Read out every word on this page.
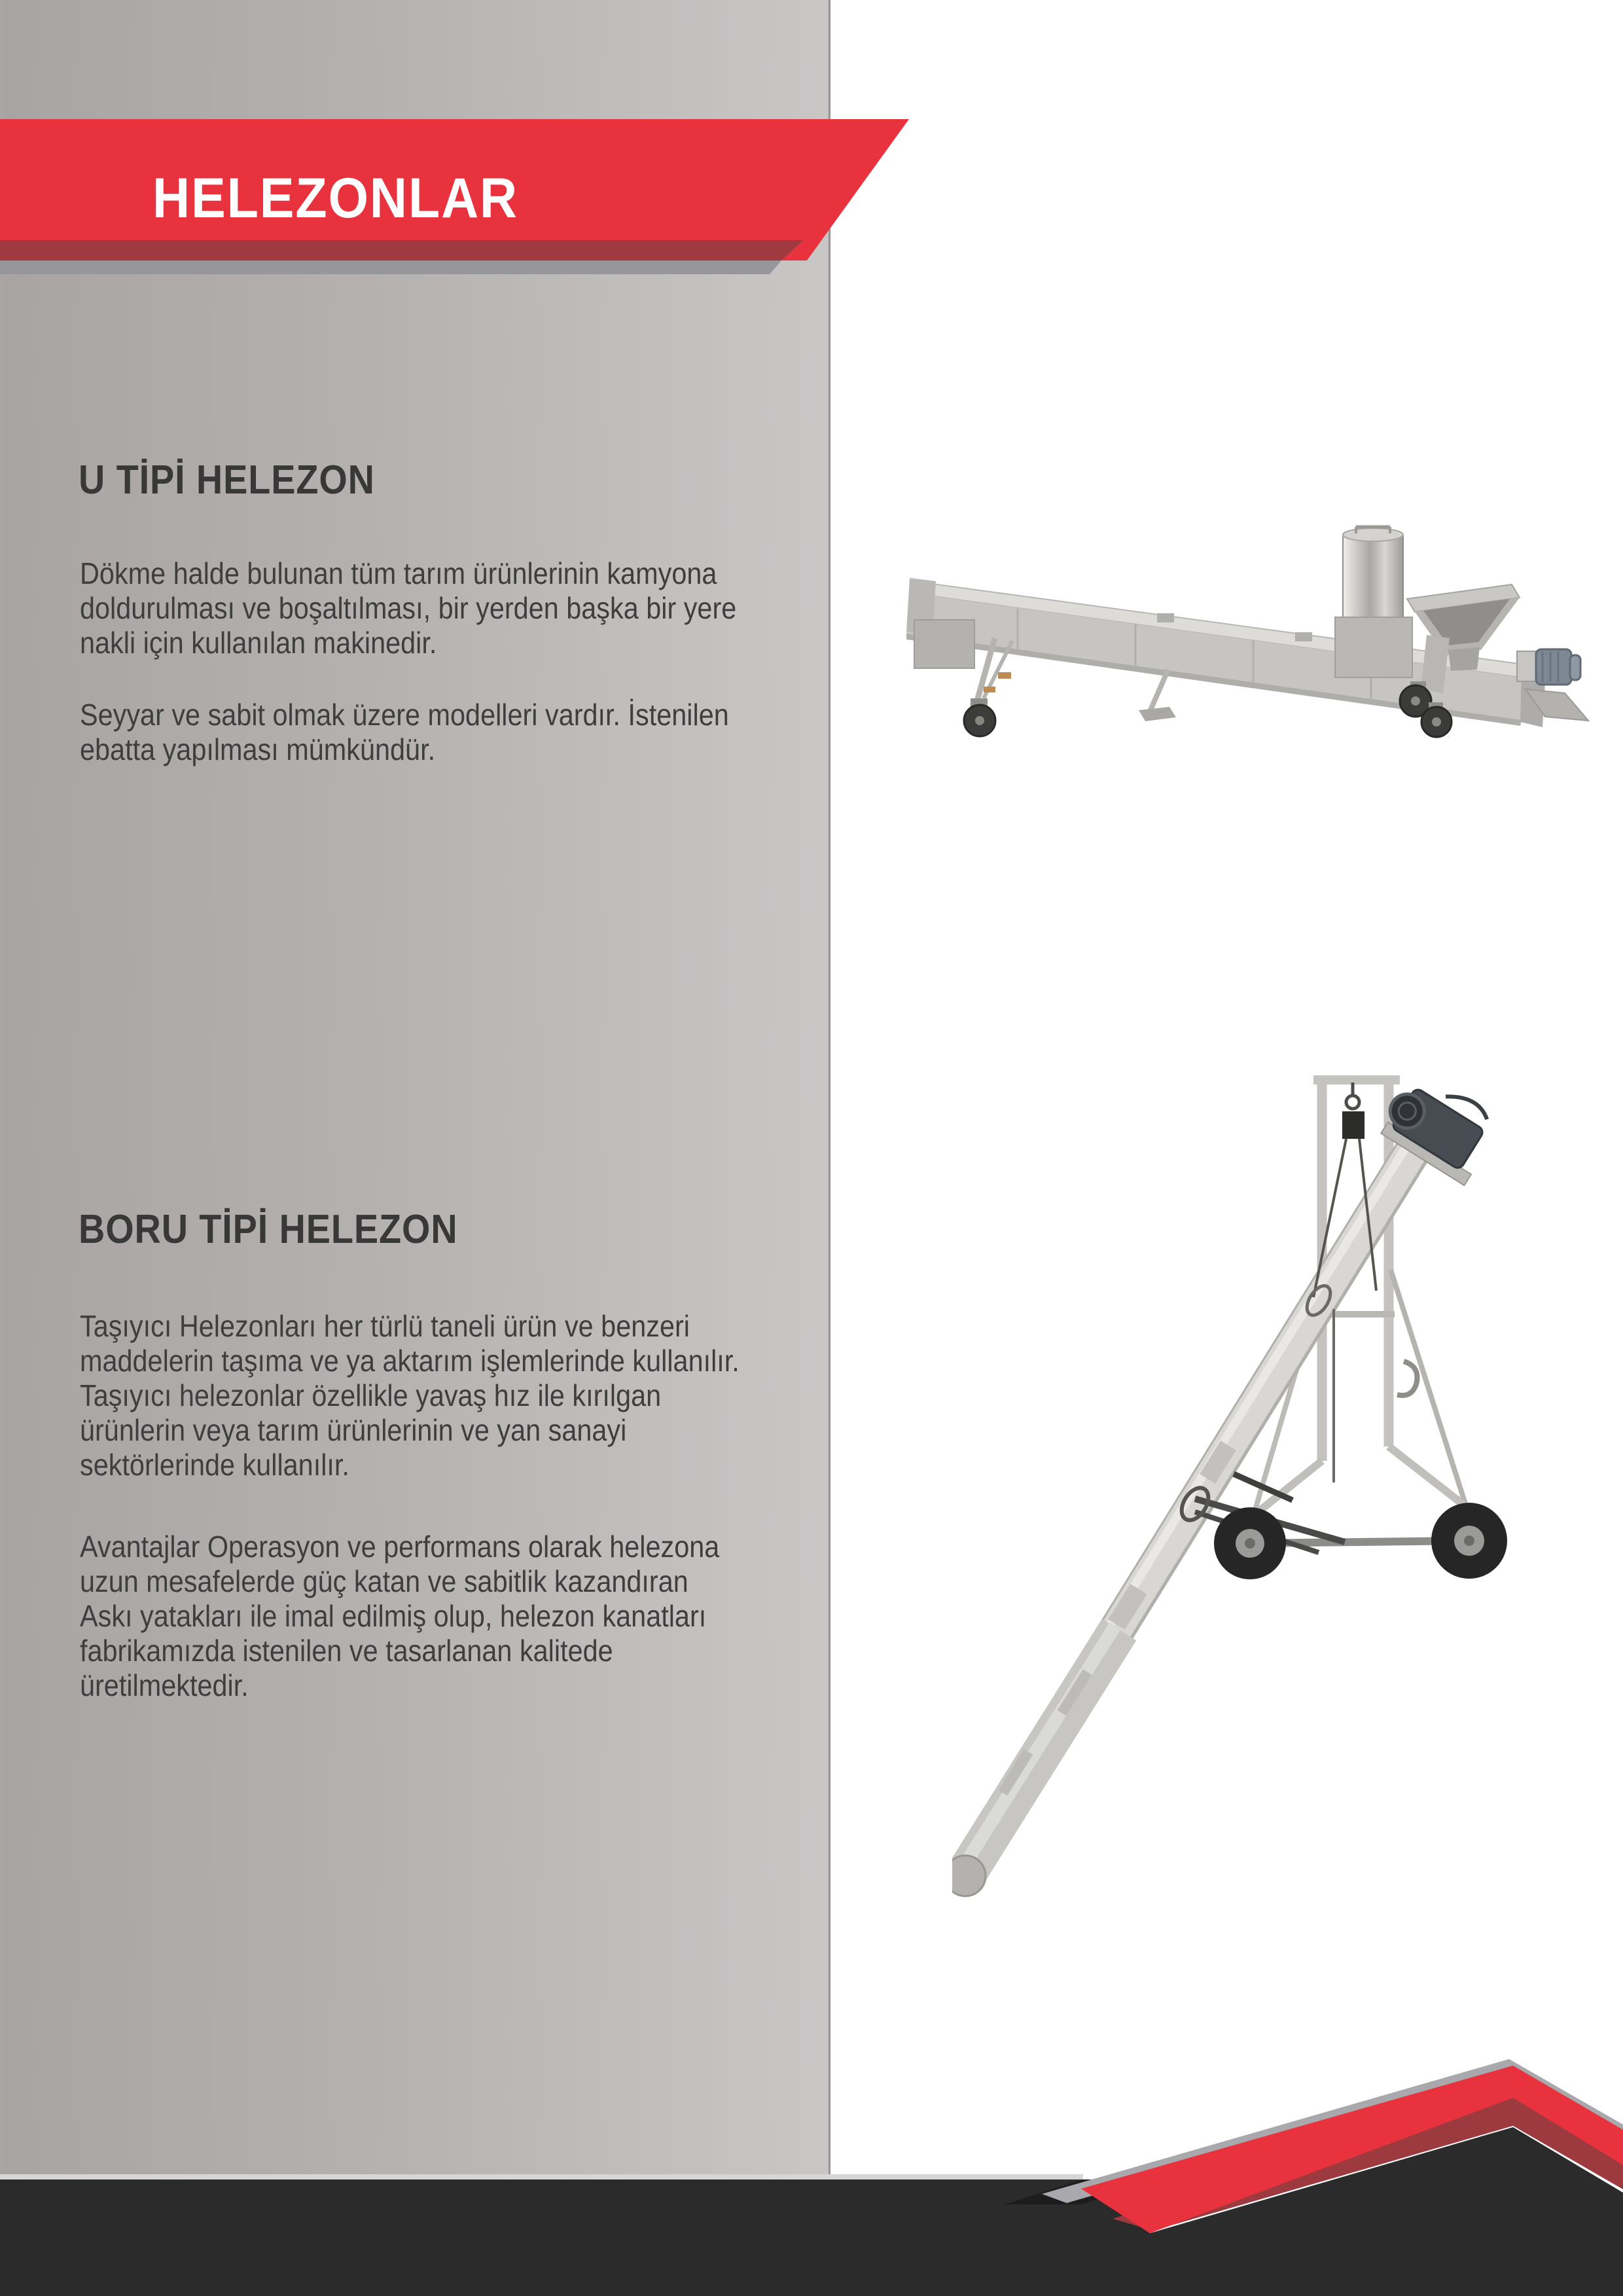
HELEZONLAR
U TİPİ HELEZON
Dökme halde bulunan tüm tarım ürünlerinin kamyona
doldurulması ve boşaltılması, bir yerden başka bir yere
nakli için kullanılan makinedir.
Seyyar ve sabit olmak üzere modelleri vardır. İstenilen
ebatta yapılması mümkündür.
BORU TİPİ HELEZON
Taşıyıcı Helezonları her türlü taneli ürün ve benzeri
maddelerin taşıma ve ya aktarım işlemlerinde kullanılır.
Taşıyıcı helezonlar özellikle yavaş hız ile kırılgan
ürünlerin veya tarım ürünlerinin ve yan sanayi
sektörlerinde kullanılır.
Avantajlar Operasyon ve performans olarak helezona
uzun mesafelerde güç katan ve sabitlik kazandıran
Askı yatakları ile imal edilmiş olup, helezon kanatları
fabrikamızda istenilen ve tasarlanan kalitede
üretilmektedir.
